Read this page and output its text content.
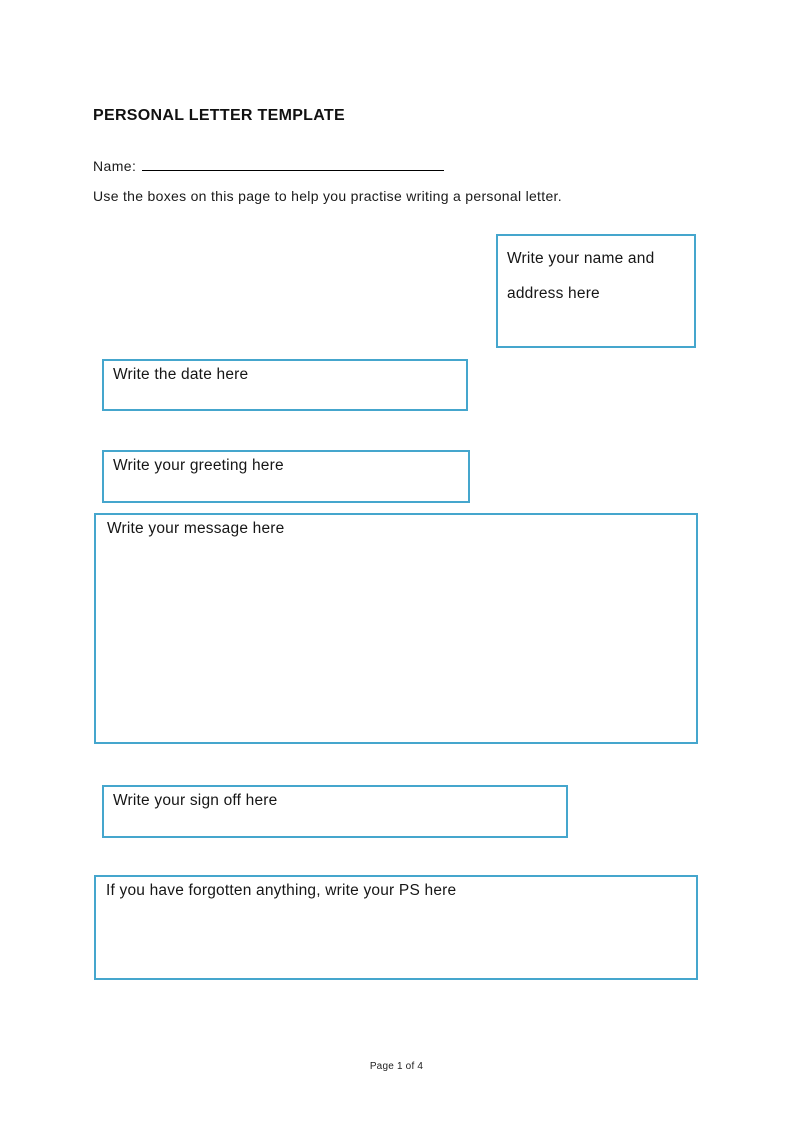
PERSONAL LETTER TEMPLATE
Name:

Use the boxes on this page to help you practise writing a personal letter.

Write your name and address here
Write the date here
Write your greeting here
Write your message here
Write your sign off here
If you have forgotten anything, write your PS here
Page 1 of 4
